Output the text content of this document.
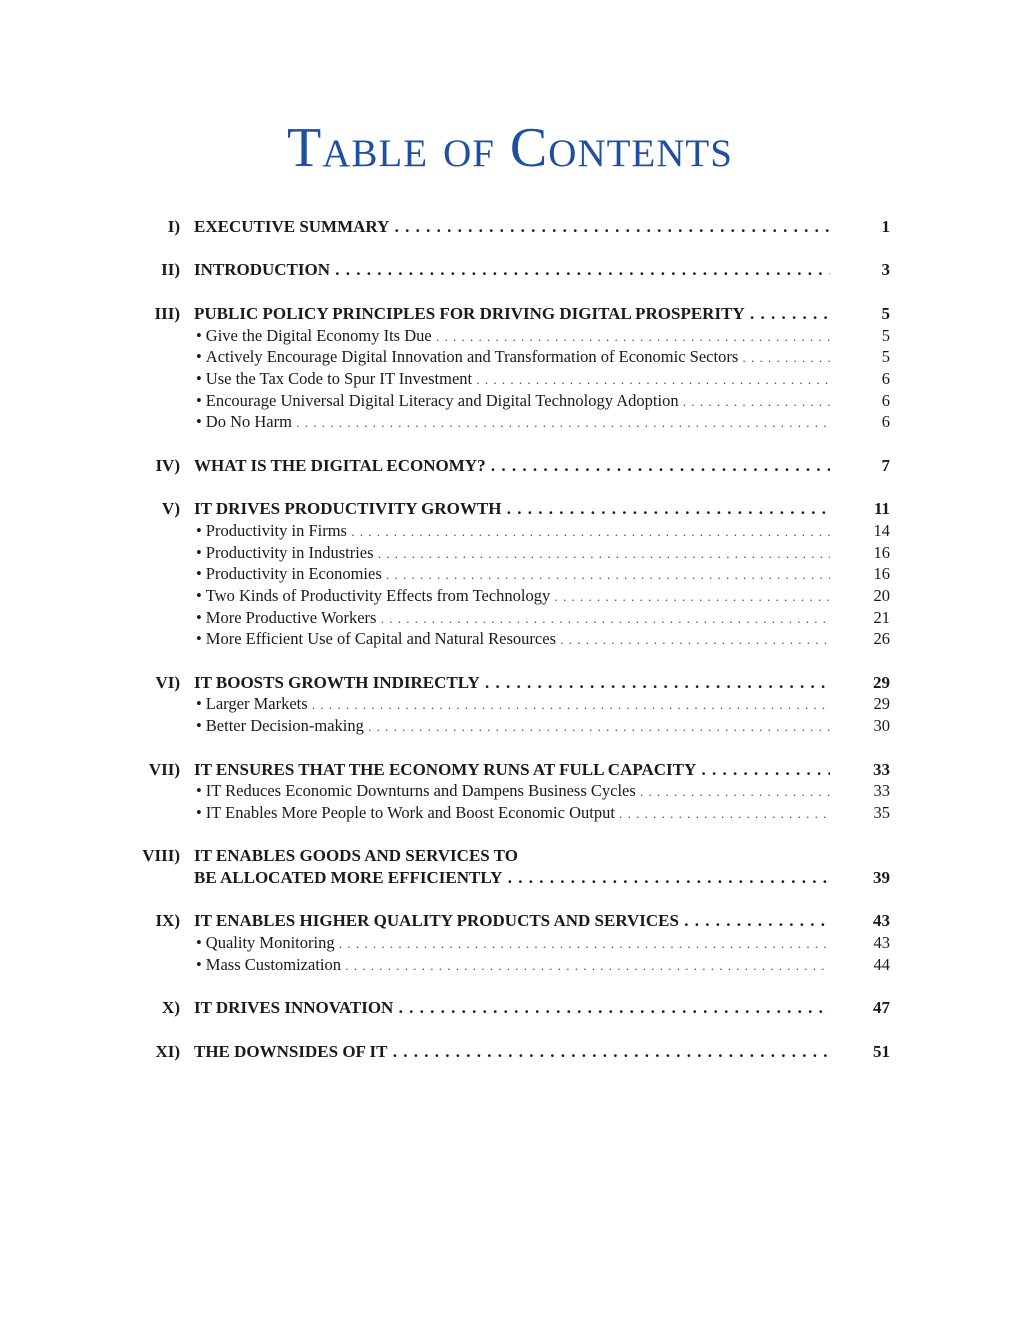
Table of Contents
I) EXECUTIVE SUMMARY . . .	1
II) INTRODUCTION . . .	3
III) PUBLIC POLICY PRINCIPLES FOR DRIVING DIGITAL PROSPERITY . . .	5
• Give the Digital Economy Its Due . . .	5
• Actively Encourage Digital Innovation and Transformation of Economic Sectors . . .	5
• Use the Tax Code to Spur IT Investment . . .	6
• Encourage Universal Digital Literacy and Digital Technology Adoption . . .	6
• Do No Harm . . .	6
IV) WHAT IS THE DIGITAL ECONOMY? . . .	7
V) IT DRIVES PRODUCTIVITY GROWTH . . .	11
• Productivity in Firms . . .	14
• Productivity in Industries . . .	16
• Productivity in Economies . . .	16
• Two Kinds of Productivity Effects from Technology . . .	20
• More Productive Workers . . .	21
• More Efficient Use of Capital and Natural Resources . . .	26
VI) IT BOOSTS GROWTH INDIRECTLY . . .	29
• Larger Markets . . .	29
• Better Decision-making . . .	30
VII) IT ENSURES THAT THE ECONOMY RUNS AT FULL CAPACITY . . .	33
• IT Reduces Economic Downturns and Dampens Business Cycles . . .	33
• IT Enables More People to Work and Boost Economic Output . . .	35
VIII) IT ENABLES GOODS AND SERVICES TO
BE ALLOCATED MORE EFFICIENTLY . . .	39
IX) IT ENABLES HIGHER QUALITY PRODUCTS AND SERVICES . . .	43
• Quality Monitoring . . .	43
• Mass Customization . . .	44
X) IT DRIVES INNOVATION . . .	47
XI) THE DOWNSIDES OF IT . . .	51
